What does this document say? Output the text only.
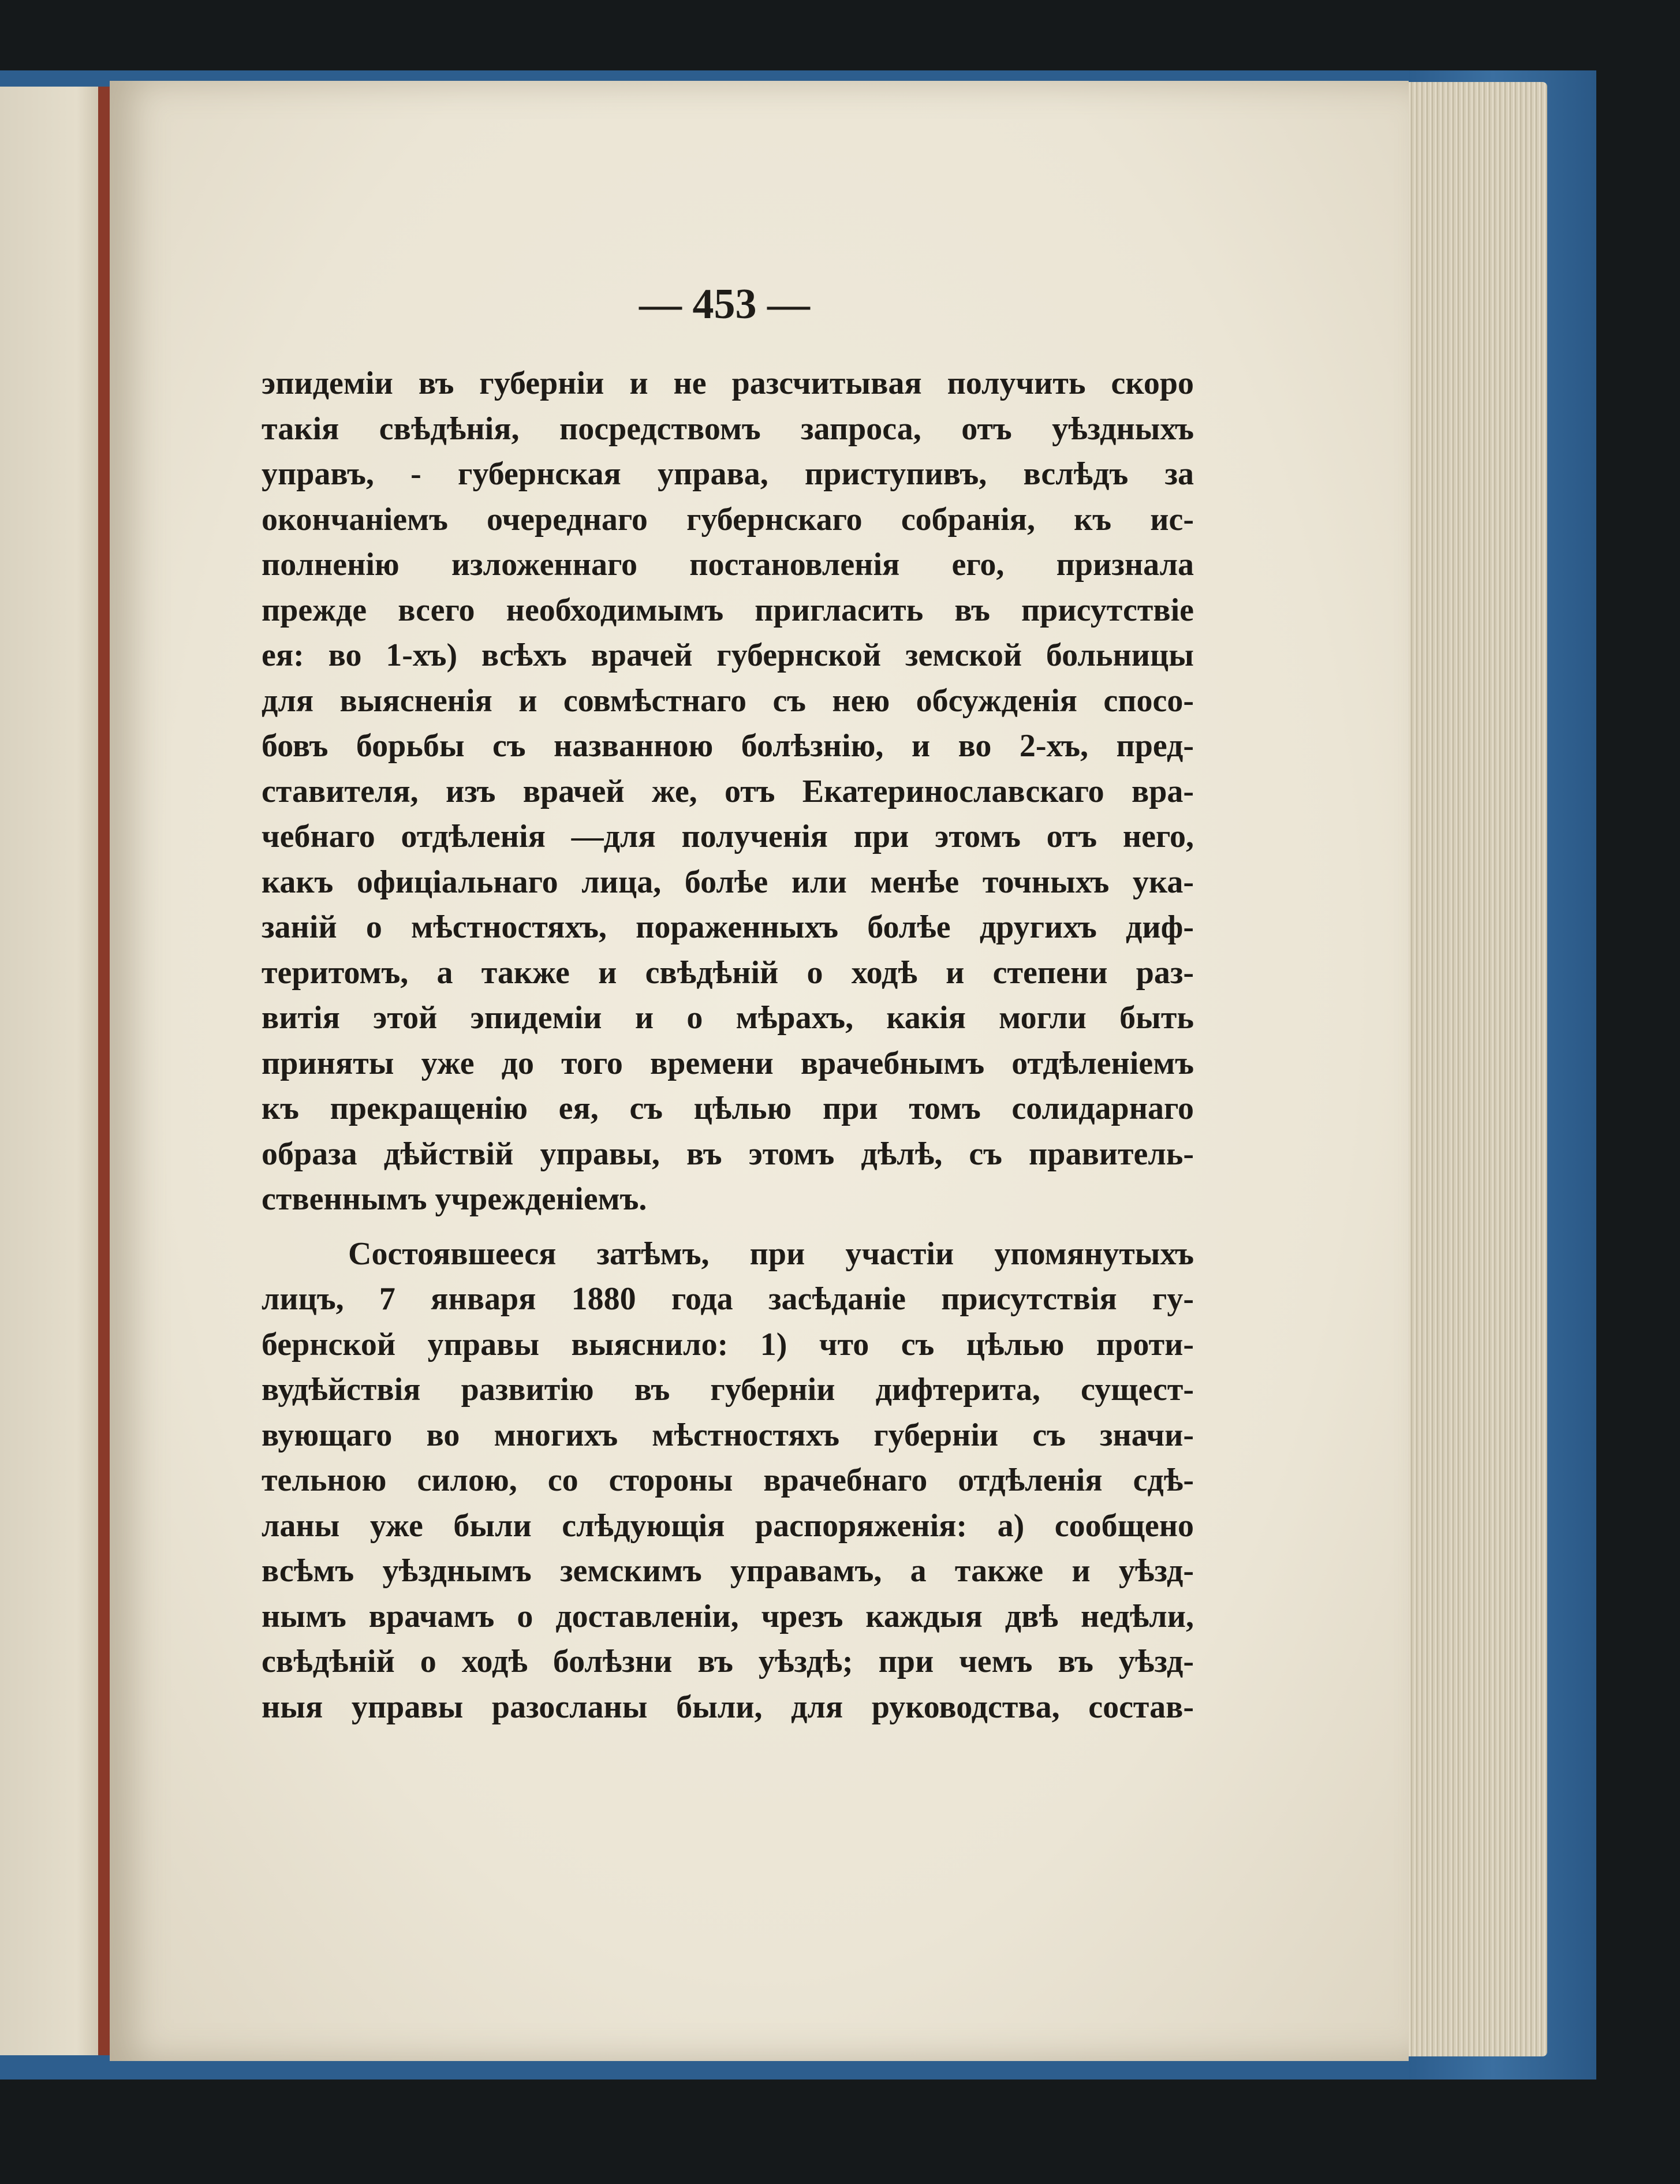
— 453 —
эпидеміи въ губерніи и не разсчитывая получить скоро
такія свѣдѣнія, посредствомъ запроса, отъ уѣздныхъ
управъ, - губернская управа, приступивъ, вслѣдъ за
окончаніемъ очереднаго губернскаго собранія, къ ис-
полненію изложеннаго постановленія его, признала
прежде всего необходимымъ пригласить въ присутствіе
ея: во 1-хъ) всѣхъ врачей губернской земской больницы
для выясненія и совмѣстнаго съ нею обсужденія спосо-
бовъ борьбы съ названною болѣзнію, и во 2-хъ, пред-
ставителя, изъ врачей же, отъ Екатеринославскаго вра-
чебнаго отдѣленія —для полученія при этомъ отъ него,
какъ офиціальнаго лица, болѣе или менѣе точныхъ ука-
заній о мѣстностяхъ, пораженныхъ болѣе другихъ диф-
теритомъ, а также и свѣдѣній о ходѣ и степени раз-
витія этой эпидеміи и о мѣрахъ, какія могли быть
приняты уже до того времени врачебнымъ отдѣленіемъ
къ прекращенію ея, съ цѣлью при томъ солидарнаго
образа дѣйствій управы, въ этомъ дѣлѣ, съ правитель-
ственнымъ учрежденіемъ.
Состоявшееся затѣмъ, при участіи упомянутыхъ
лицъ, 7 января 1880 года засѣданіе присутствія гу-
бернской управы выяснило: 1) что съ цѣлью проти-
вудѣйствія развитію въ губерніи дифтерита, сущест-
вующаго во многихъ мѣстностяхъ губерніи съ значи-
тельною силою, со стороны врачебнаго отдѣленія сдѣ-
ланы уже были слѣдующія распоряженія: а) сообщено
всѣмъ уѣзднымъ земскимъ управамъ, а также и уѣзд-
нымъ врачамъ о доставленіи, чрезъ каждыя двѣ недѣли,
свѣдѣній о ходѣ болѣзни въ уѣздѣ; при чемъ въ уѣзд-
ныя управы разосланы были, для руководства, состав-
